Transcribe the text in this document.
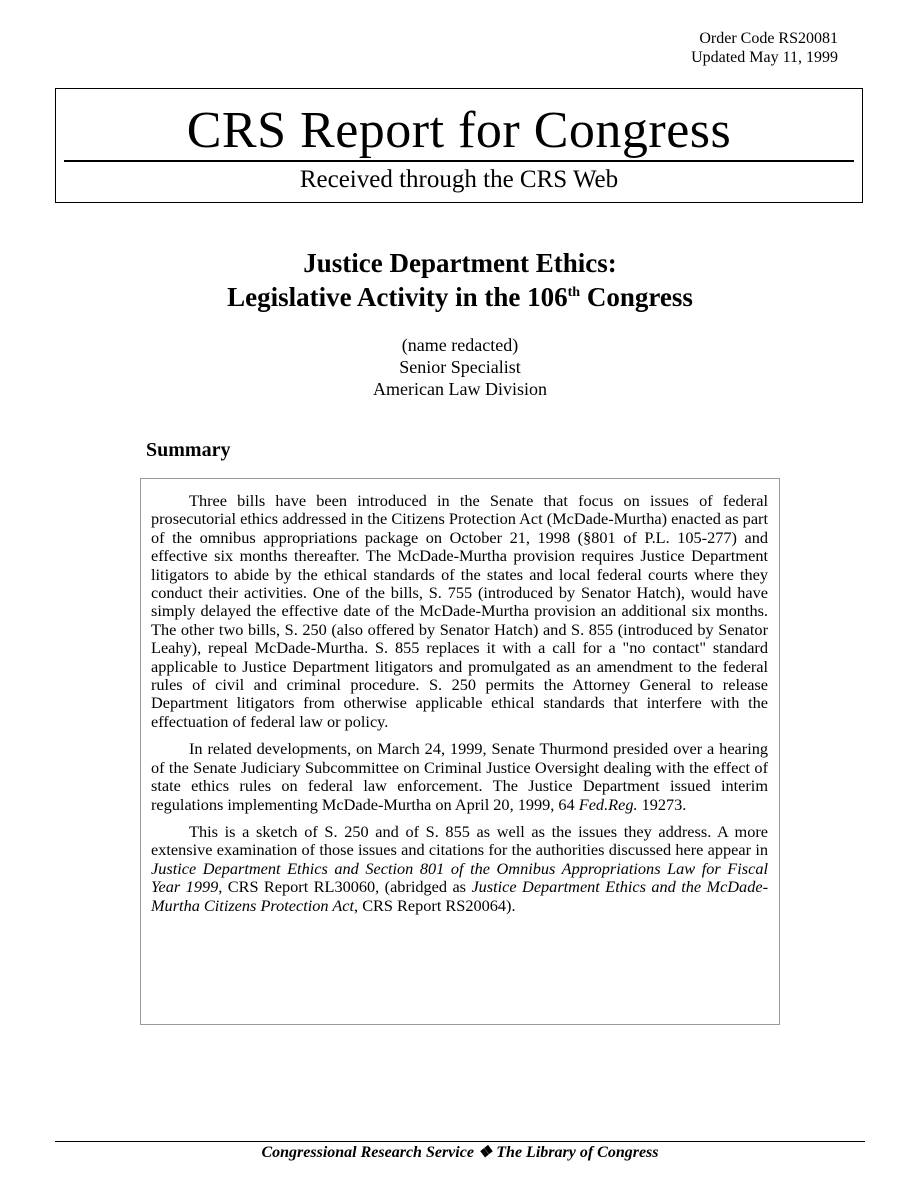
Order Code RS20081
Updated May 11, 1999
CRS Report for Congress
Received through the CRS Web
Justice Department Ethics:
Legislative Activity in the 106th Congress
(name redacted)
Senior Specialist
American Law Division
Summary

Three bills have been introduced in the Senate that focus on issues of federal prosecutorial ethics addressed in the Citizens Protection Act (McDade-Murtha) enacted as part of the omnibus appropriations package on October 21, 1998 (§801 of P.L. 105-277) and effective six months thereafter. The McDade-Murtha provision requires Justice Department litigators to abide by the ethical standards of the states and local federal courts where they conduct their activities. One of the bills, S. 755 (introduced by Senator Hatch), would have simply delayed the effective date of the McDade-Murtha provision an additional six months. The other two bills, S. 250 (also offered by Senator Hatch) and S. 855 (introduced by Senator Leahy), repeal McDade-Murtha. S. 855 replaces it with a call for a "no contact" standard applicable to Justice Department litigators and promulgated as an amendment to the federal rules of civil and criminal procedure. S. 250 permits the Attorney General to release Department litigators from otherwise applicable ethical standards that interfere with the effectuation of federal law or policy.

In related developments, on March 24, 1999, Senate Thurmond presided over a hearing of the Senate Judiciary Subcommittee on Criminal Justice Oversight dealing with the effect of state ethics rules on federal law enforcement. The Justice Department issued interim regulations implementing McDade-Murtha on April 20, 1999, 64 Fed.Reg. 19273.

This is a sketch of S. 250 and of S. 855 as well as the issues they address. A more extensive examination of those issues and citations for the authorities discussed here appear in Justice Department Ethics and Section 801 of the Omnibus Appropriations Law for Fiscal Year 1999, CRS Report RL30060, (abridged as Justice Department Ethics and the McDade-Murtha Citizens Protection Act, CRS Report RS20064).

Congressional Research Service ❖ The Library of Congress
